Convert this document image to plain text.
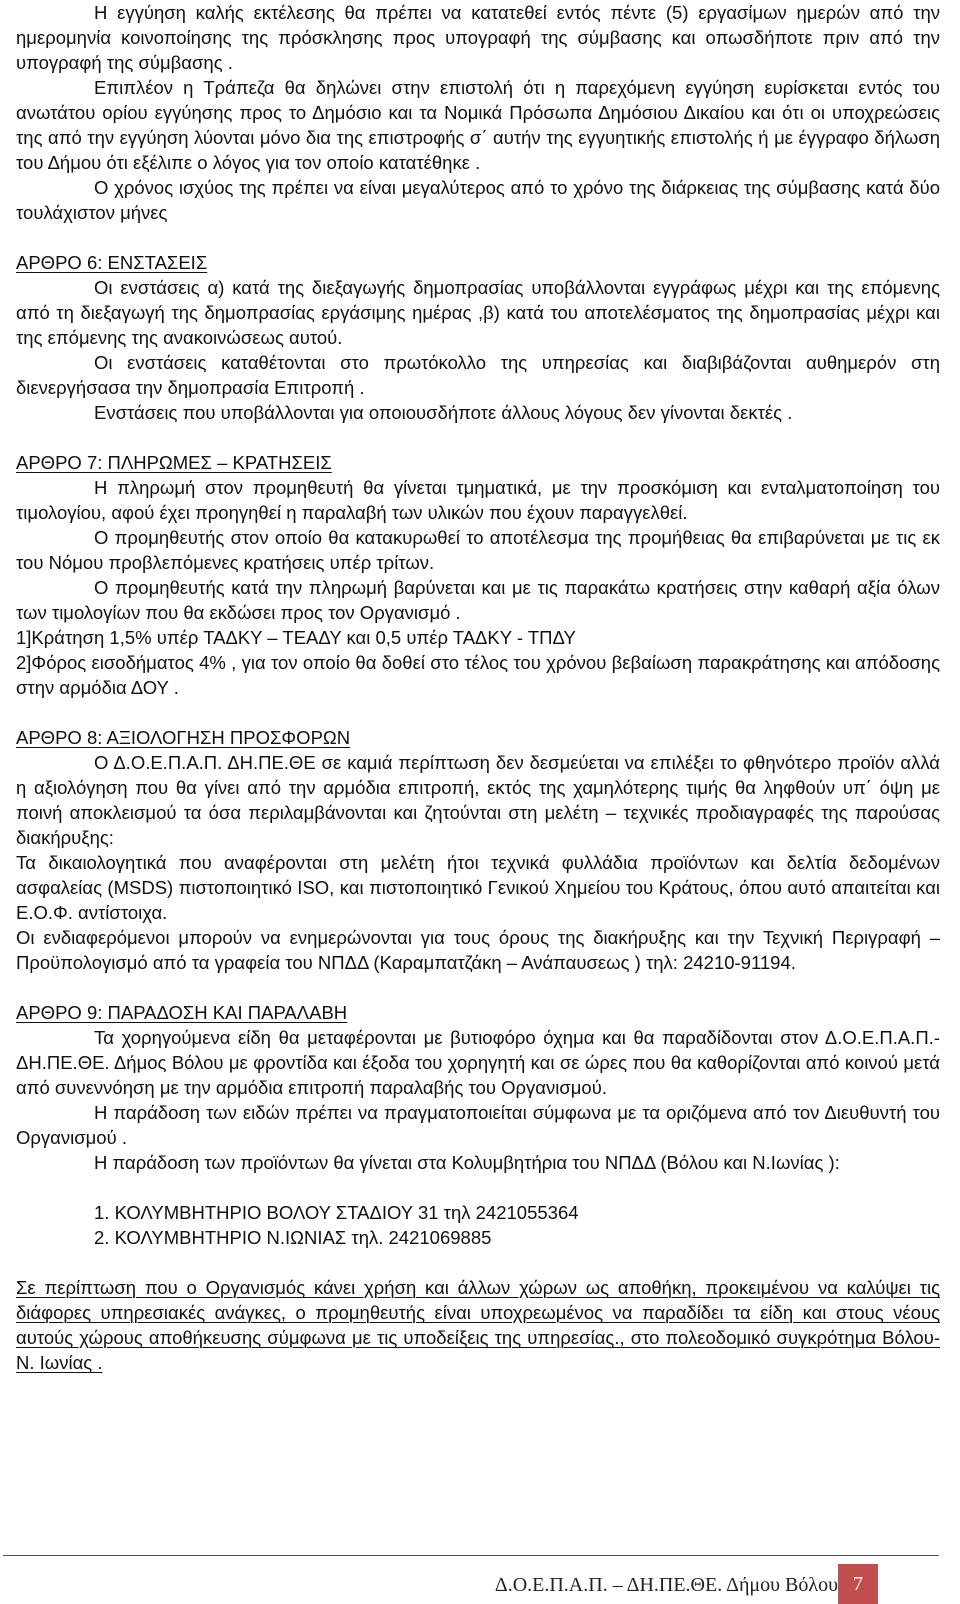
Η εγγύηση καλής εκτέλεσης θα πρέπει να κατατεθεί εντός πέντε (5) εργασίμων ημερών από την ημερομηνία κοινοποίησης της πρόσκλησης προς υπογραφή της σύμβασης και οπωσδήποτε πριν από την υπογραφή της σύμβασης .

Επιπλέον η Τράπεζα θα δηλώνει στην επιστολή ότι η παρεχόμενη εγγύηση ευρίσκεται εντός του ανωτάτου ορίου εγγύησης προς το Δημόσιο και τα Νομικά Πρόσωπα Δημόσιου Δικαίου και ότι οι υποχρεώσεις της από την εγγύηση λύονται μόνο δια της επιστροφής σ΄ αυτήν της εγγυητικής επιστολής ή με έγγραφο δήλωση του Δήμου ότι εξέλιπε ο λόγος για τον οποίο κατατέθηκε .

Ο χρόνος ισχύος της πρέπει να είναι μεγαλύτερος από το χρόνο της διάρκειας της σύμβασης κατά δύο τουλάχιστον μήνες

ΑΡΘΡΟ 6: ΕΝΣΤΑΣΕΙΣ

Οι ενστάσεις α) κατά της διεξαγωγής δημοπρασίας υποβάλλονται εγγράφως μέχρι και της επόμενης από τη διεξαγωγή της δημοπρασίας εργάσιμης ημέρας ,β) κατά του αποτελέσματος της δημοπρασίας μέχρι και της επόμενης της ανακοινώσεως αυτού.

Οι ενστάσεις καταθέτονται στο πρωτόκολλο της υπηρεσίας και διαβιβάζονται αυθημερόν στη διενεργήσασα την δημοπρασία Επιτροπή .

Ενστάσεις που υποβάλλονται για οποιουσδήποτε άλλους λόγους δεν γίνονται δεκτές .

ΑΡΘΡΟ 7: ΠΛΗΡΩΜΕΣ – ΚΡΑΤΗΣΕΙΣ

Η πληρωμή στον προμηθευτή θα γίνεται τμηματικά, με την προσκόμιση και ενταλματοποίηση του τιμολογίου, αφού έχει προηγηθεί η παραλαβή των υλικών που έχουν παραγγελθεί.

Ο προμηθευτής στον οποίο θα κατακυρωθεί το αποτέλεσμα της προμήθειας θα επιβαρύνεται με τις εκ του Νόμου προβλεπόμενες κρατήσεις υπέρ τρίτων.

Ο προμηθευτής κατά την πληρωμή βαρύνεται και με τις παρακάτω κρατήσεις στην καθαρή αξία όλων των τιμολογίων που θα εκδώσει προς τον Οργανισμό .

1]Κράτηση 1,5% υπέρ ΤΑΔΚΥ – ΤΕΑΔΥ και 0,5 υπέρ ΤΑΔΚΥ - ΤΠΔΥ

2]Φόρος εισοδήματος 4% , για τον οποίο θα δοθεί στο τέλος του χρόνου βεβαίωση παρακράτησης και απόδοσης στην αρμόδια ΔΟΥ .

ΑΡΘΡΟ 8: ΑΞΙΟΛΟΓΗΣΗ ΠΡΟΣΦΟΡΩΝ

Ο Δ.Ο.Ε.Π.Α.Π. ΔΗ.ΠΕ.ΘΕ σε καμιά περίπτωση δεν δεσμεύεται να επιλέξει το φθηνότερο προϊόν αλλά η αξιολόγηση που θα γίνει από την αρμόδια επιτροπή, εκτός της χαμηλότερης τιμής θα ληφθούν υπ΄ όψη με ποινή αποκλεισμού τα όσα περιλαμβάνονται και ζητούνται στη μελέτη – τεχνικές προδιαγραφές της παρούσας διακήρυξης:

Τα δικαιολογητικά που αναφέρονται στη μελέτη ήτοι τεχνικά φυλλάδια προϊόντων και δελτία δεδομένων ασφαλείας (MSDS) πιστοποιητικό ISO, και πιστοποιητικό Γενικού Χημείου του Κράτους, όπου αυτό απαιτείται και Ε.Ο.Φ. αντίστοιχα.

Οι ενδιαφερόμενοι μπορούν να ενημερώνονται για τους όρους της διακήρυξης και την Τεχνική Περιγραφή – Προϋπολογισμό από τα γραφεία του ΝΠΔΔ (Καραμπατζάκη – Ανάπαυσεως ) τηλ: 24210-91194.

ΑΡΘΡΟ 9: ΠΑΡΑΔΟΣΗ ΚΑΙ ΠΑΡΑΛΑΒΗ

Τα χορηγούμενα είδη θα μεταφέρονται με βυτιοφόρο όχημα και θα παραδίδονται στον Δ.Ο.Ε.Π.Α.Π.-ΔΗ.ΠΕ.ΘΕ. Δήμος Βόλου με φροντίδα και έξοδα του χορηγητή και σε ώρες που θα καθορίζονται από κοινού μετά από συνεννόηση με την αρμόδια επιτροπή παραλαβής του Οργανισμού.

Η παράδοση των ειδών πρέπει να πραγματοποιείται σύμφωνα με τα οριζόμενα από τον Διευθυντή του Οργανισμού .

Η παράδοση των προϊόντων θα γίνεται στα Κολυμβητήρια του ΝΠΔΔ (Βόλου και Ν.Ιωνίας ):

1. ΚΟΛΥΜΒΗΤΗΡΙΟ ΒΟΛΟΥ ΣΤΑΔΙΟΥ 31 τηλ 2421055364

2. ΚΟΛΥΜΒΗΤΗΡΙΟ Ν.ΙΩΝΙΑΣ τηλ. 2421069885

Σε περίπτωση που ο Οργανισμός κάνει χρήση και άλλων χώρων ως αποθήκη, προκειμένου να καλύψει τις διάφορες υπηρεσιακές ανάγκες, ο προμηθευτής είναι υποχρεωμένος να παραδίδει τα είδη και στους νέους αυτούς χώρους αποθήκευσης σύμφωνα με τις υποδείξεις της υπηρεσίας., στο πολεοδομικό συγκρότημα Βόλου-Ν. Ιωνίας .

Δ.Ο.Ε.Π.Α.Π. – ΔΗ.ΠΕ.ΘΕ. Δήμου Βόλου 7
